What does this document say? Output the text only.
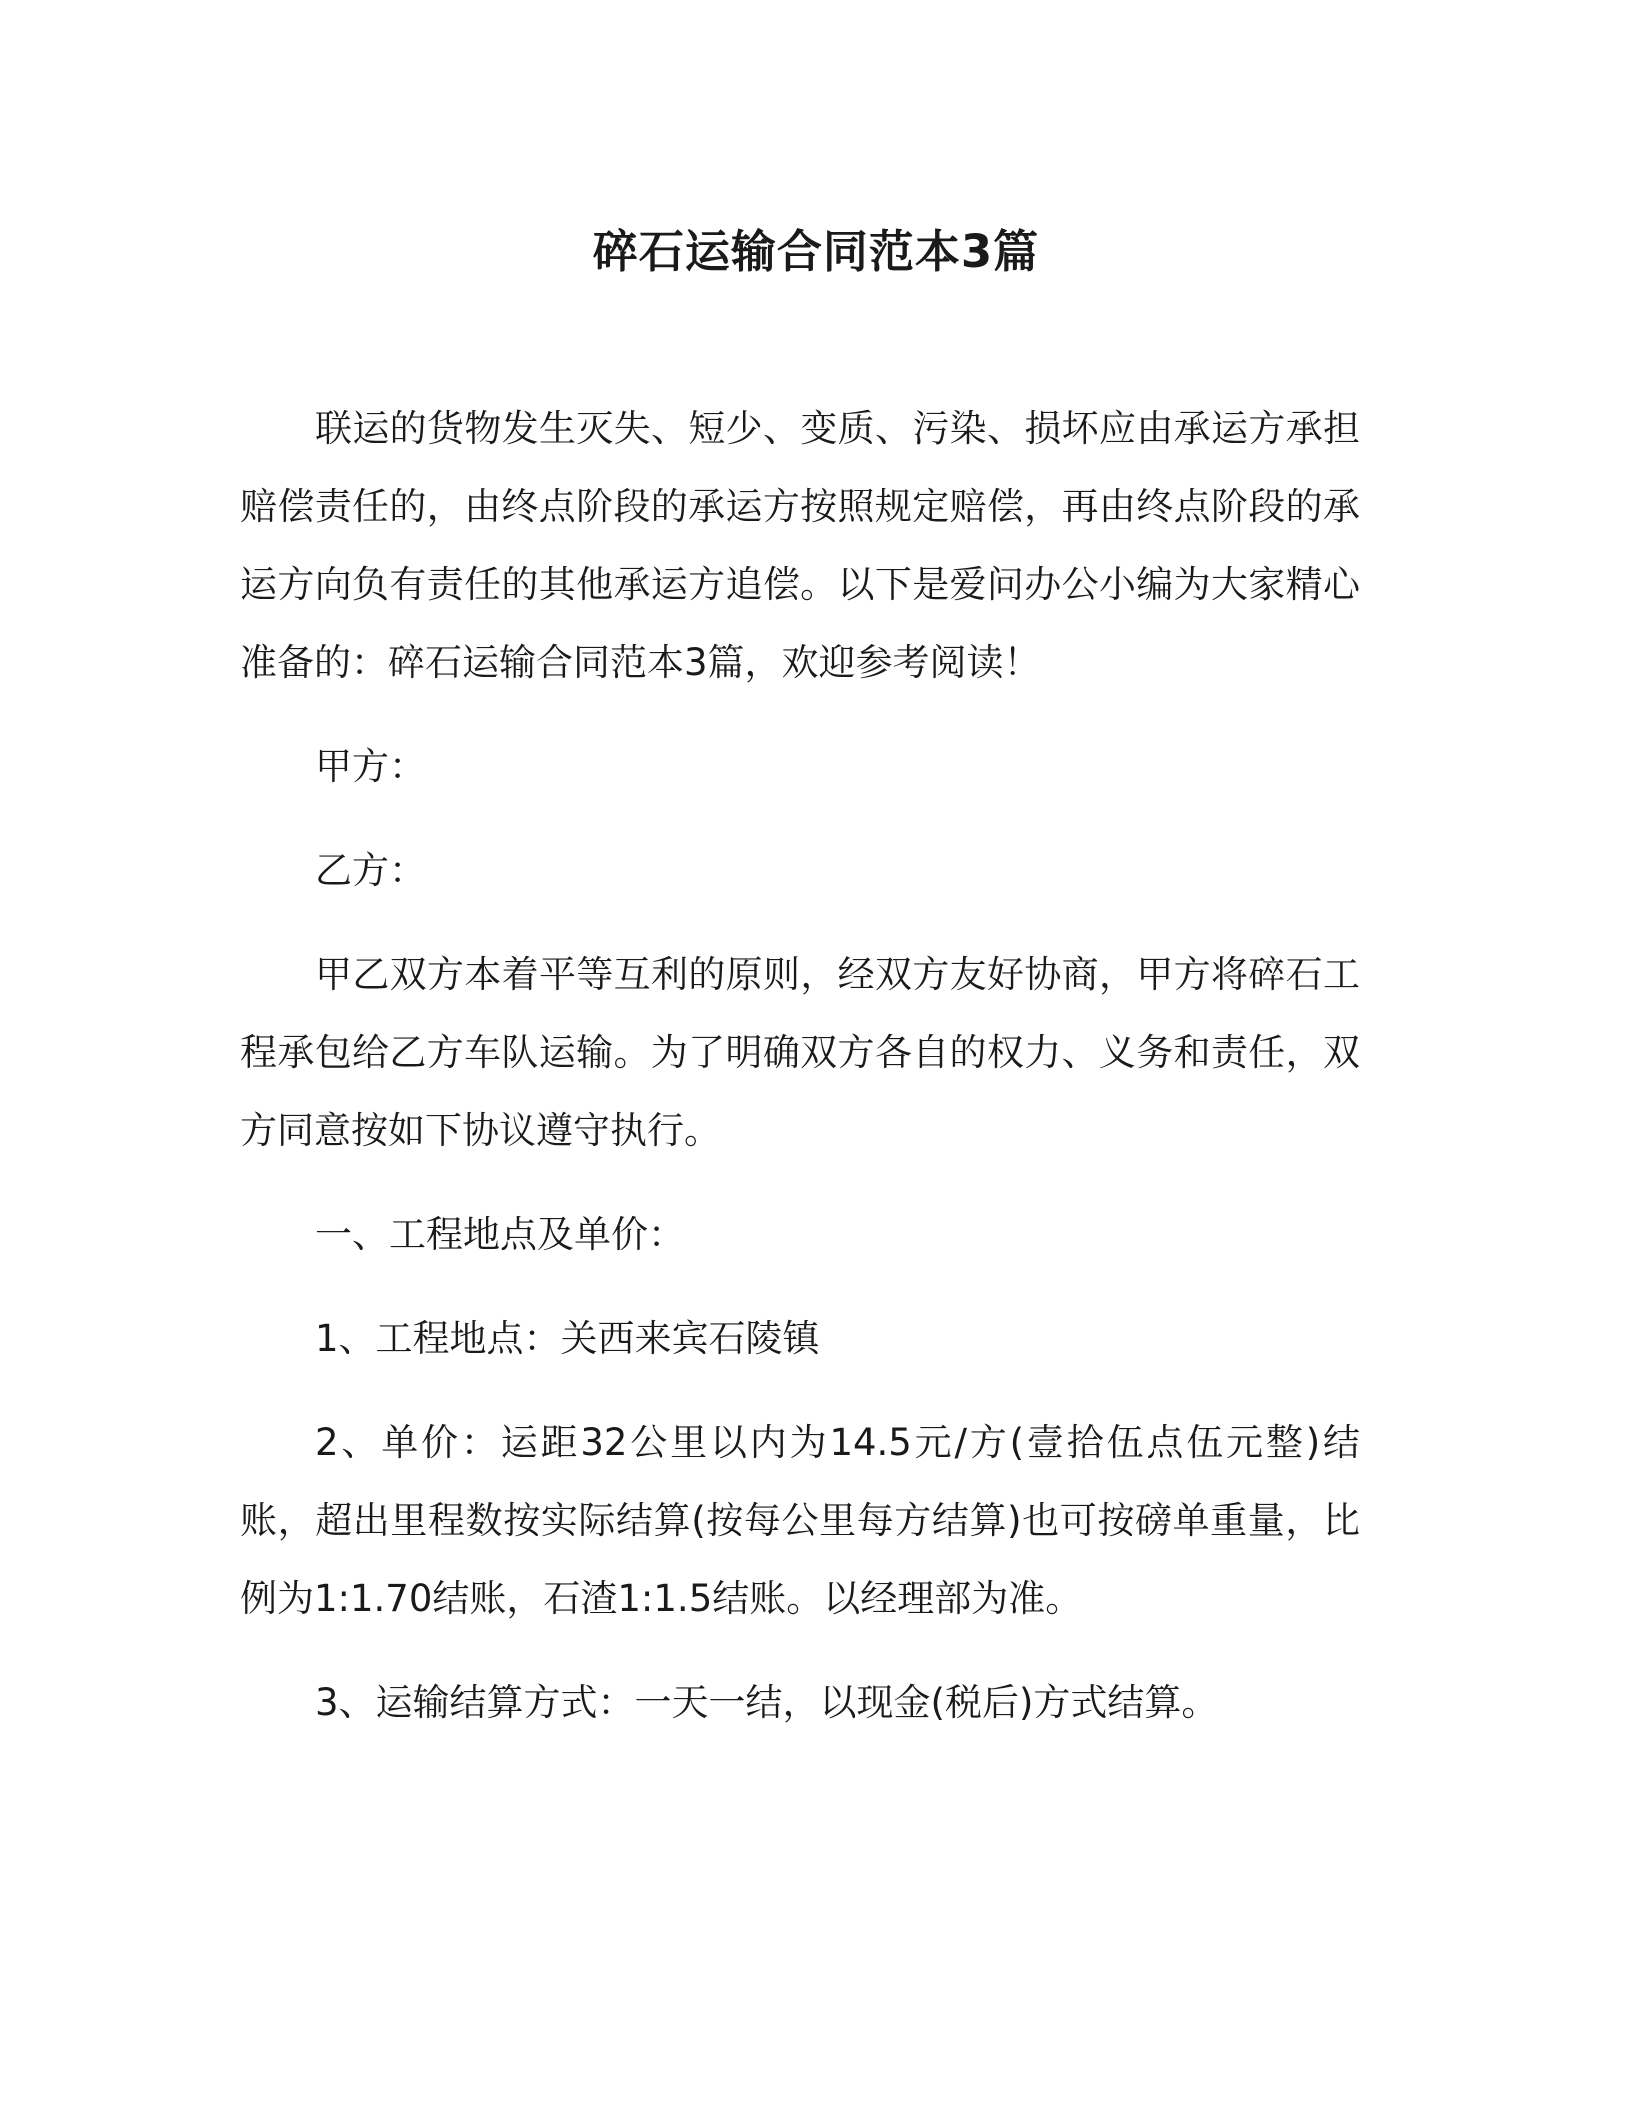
碎石运输合同范本3篇

联运的货物发生灭失、短少、变质、污染、损坏应由承运方承担赔偿责任的，由终点阶段的承运方按照规定赔偿，再由终点阶段的承运方向负有责任的其他承运方追偿。以下是爱问办公小编为大家精心准备的：碎石运输合同范本3篇，欢迎参考阅读！

甲方：

乙方：

甲乙双方本着平等互利的原则，经双方友好协商，甲方将碎石工程承包给乙方车队运输。为了明确双方各自的权力、义务和责任，双方同意按如下协议遵守执行。

一、工程地点及单价：

1、工程地点：关西来宾石陵镇

2、单价：运距32公里以内为14.5元/方(壹拾伍点伍元整)结账，超出里程数按实际结算(按每公里每方结算)也可按磅单重量，比例为1:1.70结账，石渣1:1.5结账。以经理部为准。

3、运输结算方式：一天一结，以现金(税后)方式结算。
